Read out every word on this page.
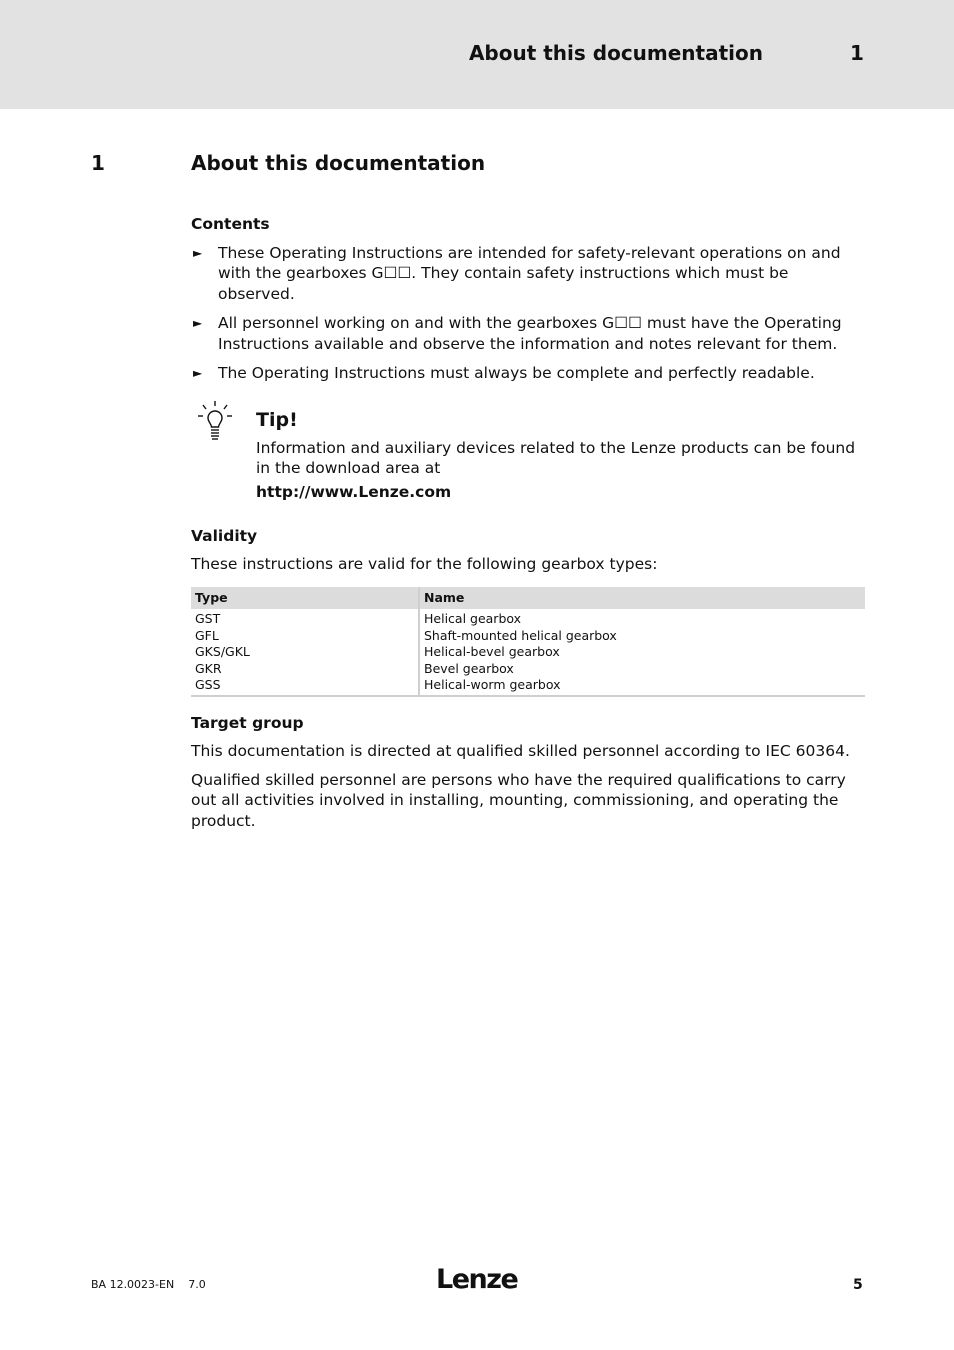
About this documentation	1
1	About this documentation
Contents
► These Operating Instructions are intended for safety-relevant operations on and with the gearboxes G☐☐. They contain safety instructions which must be observed.
► All personnel working on and with the gearboxes G☐☐ must have the Operating Instructions available and observe the information and notes relevant for them.
► The Operating Instructions must always be complete and perfectly readable.
Tip!
Information and auxiliary devices related to the Lenze products can be found in the download area at
http://www.Lenze.com
Validity
These instructions are valid for the following gearbox types:
Type	Name
GST	Helical gearbox
GFL	Shaft-mounted helical gearbox
GKS/GKL	Helical-bevel gearbox
GKR	Bevel gearbox
GSS	Helical-worm gearbox
Target group
This documentation is directed at qualified skilled personnel according to IEC 60364.
Qualified skilled personnel are persons who have the required qualifications to carry out all activities involved in installing, mounting, commissioning, and operating the product.
BA 12.0023-EN 7.0	Lenze	5
